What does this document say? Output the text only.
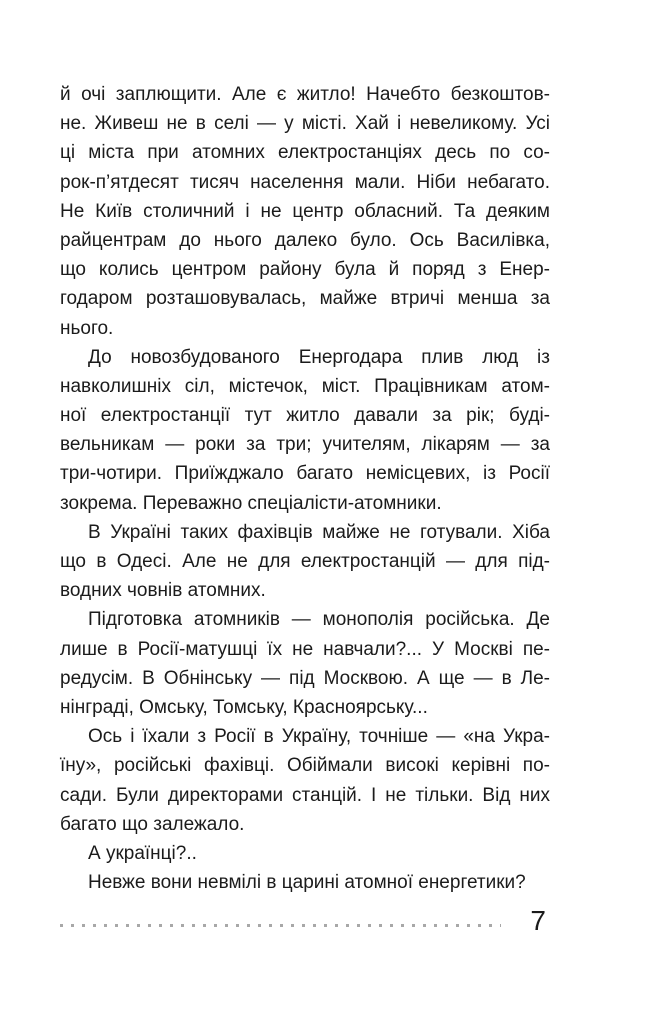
й очі заплющити. Але є житло! Начебто безкоштов-
не. Живеш не в селі — у місті. Хай і невеликому. Усі
ці міста при атомних електростанціях десь по со-
рок-п’ятдесят тисяч населення мали. Ніби небагато.
Не Київ столичний і не центр обласний. Та деяким
райцентрам до нього далеко було. Ось Василівка,
що колись центром району була й поряд з Енер-
годаром розташовувалась, майже втричі менша за
нього.
До новозбудованого Енергодара плив люд із
навколишніх сіл, містечок, міст. Працівникам атом-
ної електростанції тут житло давали за рік; буді-
вельникам — роки за три; учителям, лікарям — за
три-чотири. Приїжджало багато немісцевих, із Росії
зокрема. Переважно спеціалісти-атомники.
В Україні таких фахівців майже не готували. Хіба
що в Одесі. Але не для електростанцій — для під-
водних човнів атомних.
Підготовка атомників — монополія російська. Де
лише в Росії-матушці їх не навчали?... У Москві пе-
редусім. В Обнінську — під Москвою. А ще — в Ле-
нінграді, Омську, Томську, Красноярську...
Ось і їхали з Росії в Україну, точніше — «на Укра-
їну», російські фахівці. Обіймали високі керівні по-
сади. Були директорами станцій. І не тільки. Від них
багато що залежало.
А українці?..
Невже вони невмілі в царині атомної енергетики?
7
